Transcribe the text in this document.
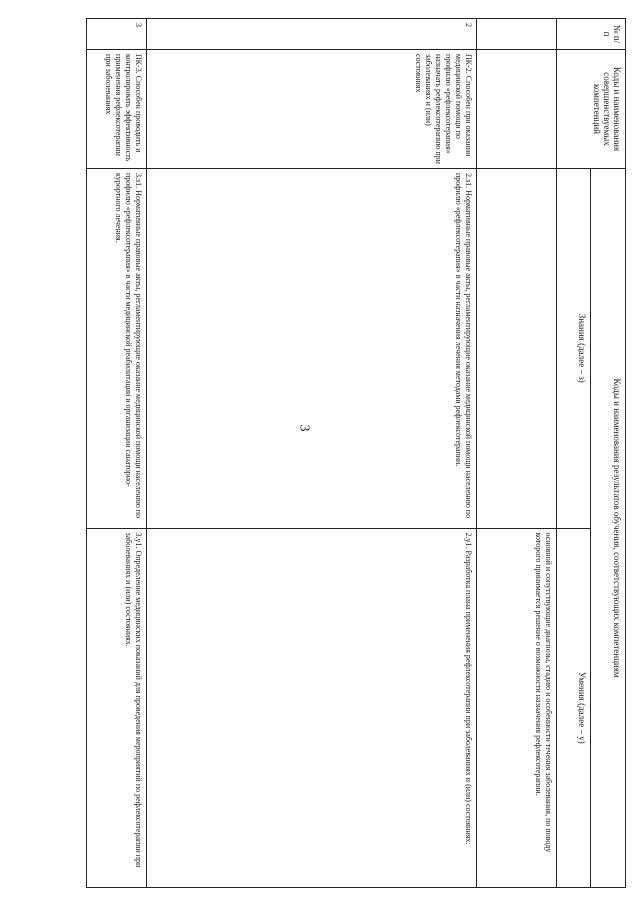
3
№ п/п	Коды и наименования совершенствуемых компетенций	Коды и наименования результатов обучения, соответствующих компетенциям	
		Знания (далее – з)	Умения (далее – у)
			основной и сопутствующие диагнозы, стадию и особенности течения заболевания, по поводу которого принимается решение о возможности назначения рефлексотерапии.
2	ПК-2. Способен при оказании медицинской помощи по профилю «рефлексотерапия» назначать рефлексотерапию при заболеваниях и (или) состояниях	2.з1. Нормативные правовые акты, регламентирующие оказание медицинской помощи населению по профилю «рефлексотерапия» в части назначения лечения методами рефлексотерапии.	2.у1. Разработка плана применения рефлексотерапии при заболеваниях и (или) состояниях.
3	ПК-3. Способен проводить и контролировать эффективность применения рефлексотерапии при заболеваниях	3.з1. Нормативные правовые акты, регламентирующие оказание медицинской помощи населению по профилю «рефлексотерапия» в части медицинской реабилитации и организации санаторно-курортного лечения.	3.у1. Определение медицинских показаний для проведения мероприятий по рефлексотерапии при заболеваниях и (или) состояниях.
